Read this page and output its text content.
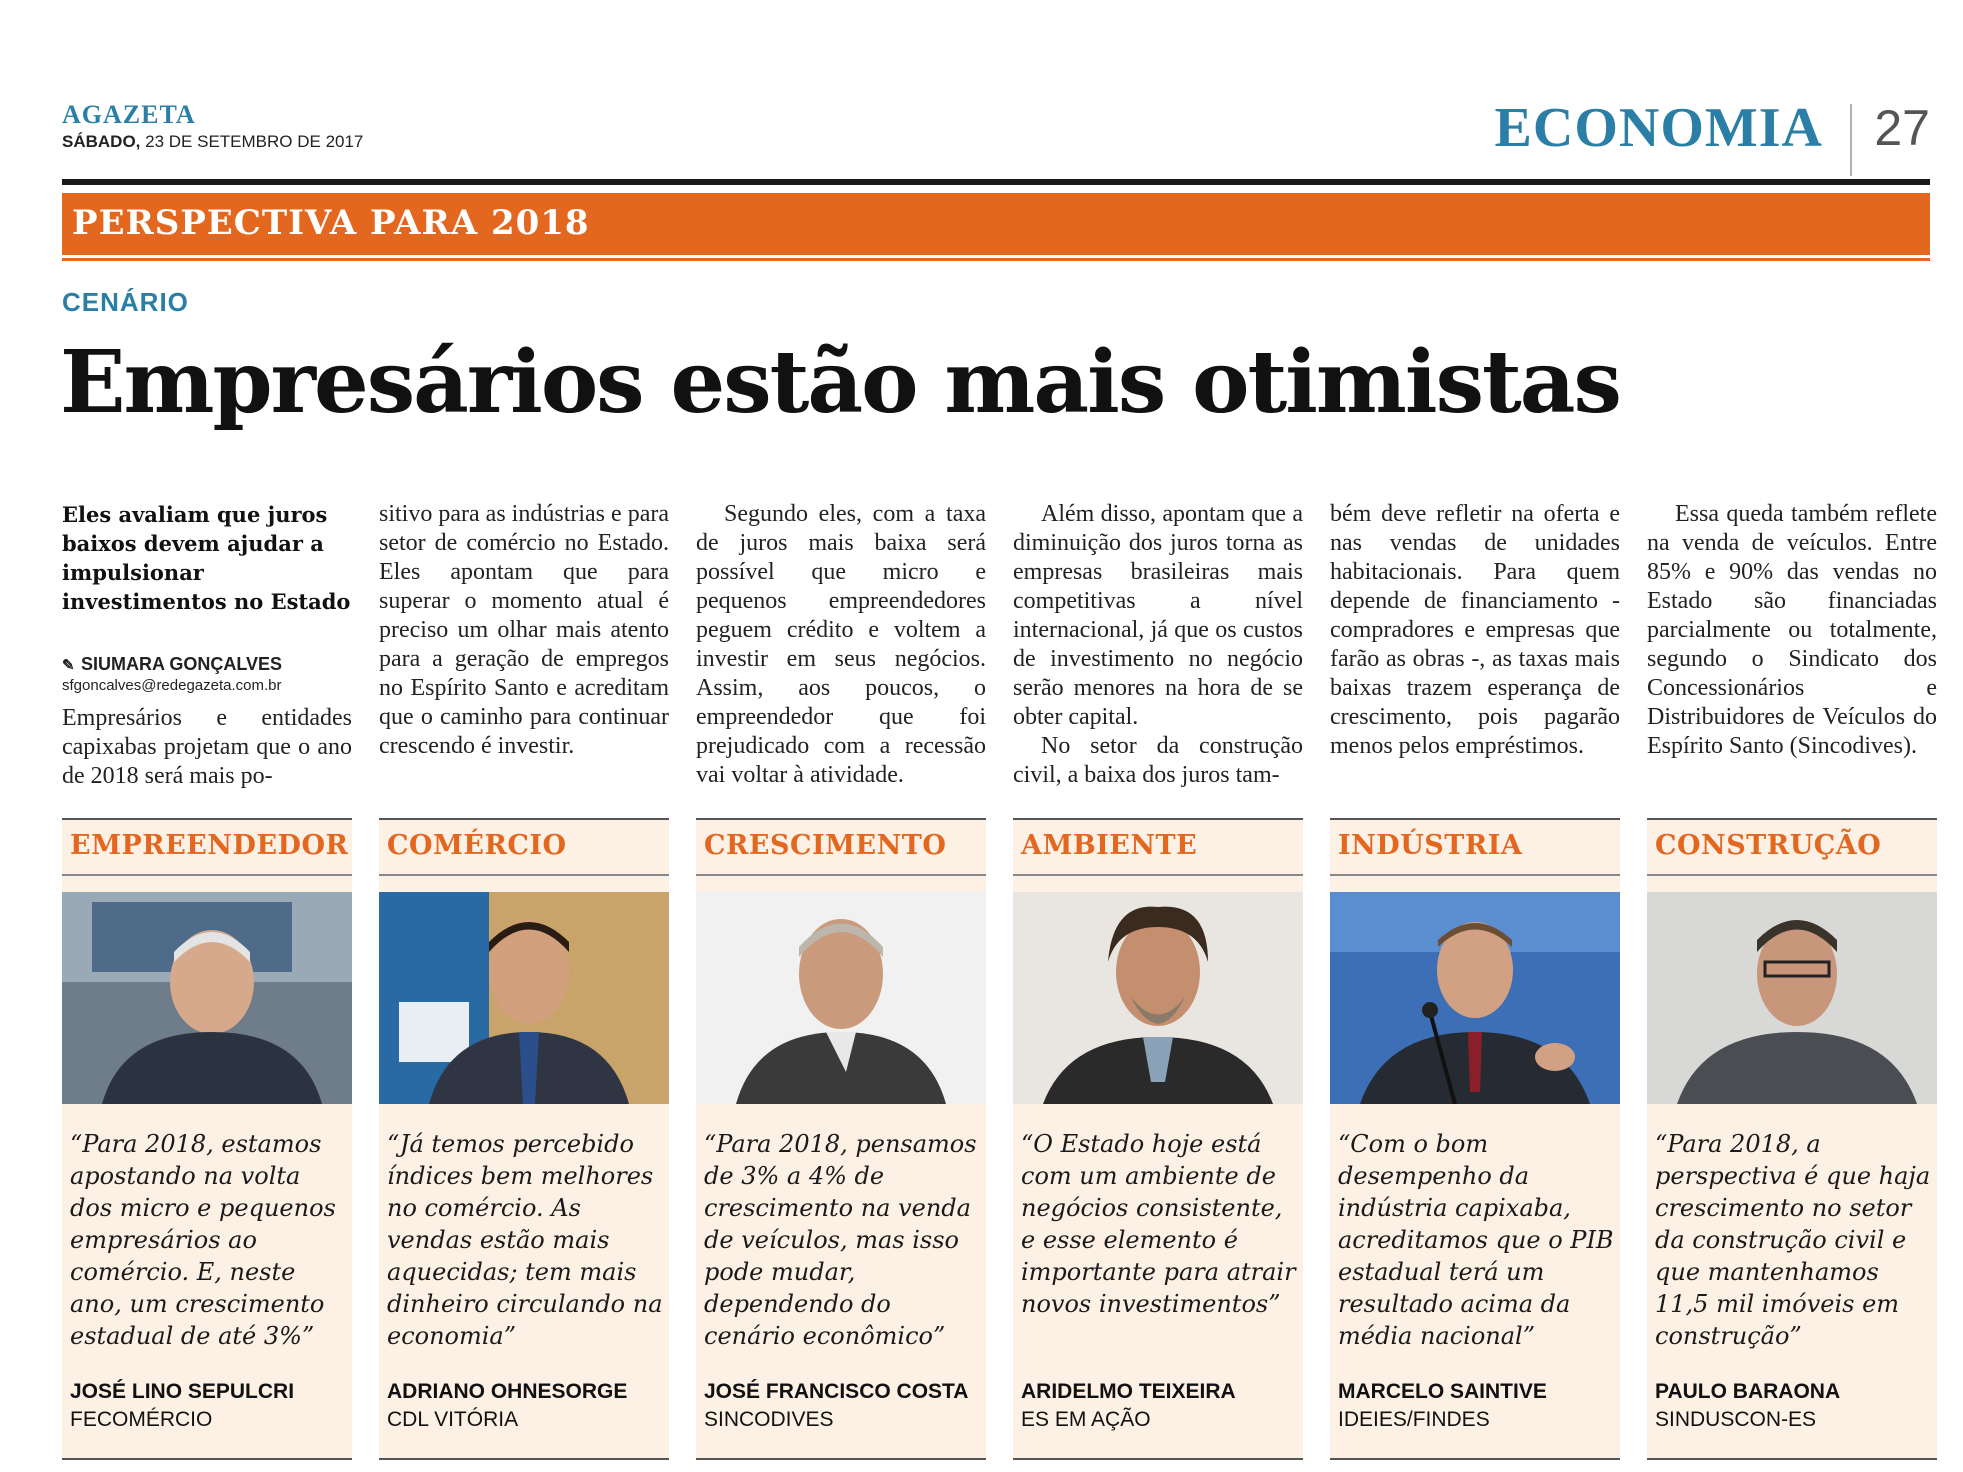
AGAZETA
SÁBADO, 23 DE SETEMBRO DE 2017	ECONOMIA 27
PERSPECTIVA PARA 2018
CENÁRIO
Empresários estão mais otimistas
Eles avaliam que juros baixos devem ajudar a impulsionar investimentos no Estado
✎ SIUMARA GONÇALVES
sfgoncalves@redegazeta.com.br

Empresários e entidades capixabas projetam que o ano de 2018 será mais po-

sitivo para as indústrias e para setor de comércio no Estado. Eles apontam que para superar o momento atual é preciso um olhar mais atento para a geração de empregos no Espírito Santo e acreditam que o caminho para continuar crescendo é investir.

Segundo eles, com a taxa de juros mais baixa será possível que micro e pequenos empreendedores peguem crédito e voltem a investir em seus negócios. Assim, aos poucos, o empreendedor que foi prejudicado com a recessão vai voltar à atividade.

Além disso, apontam que a diminuição dos juros torna as empresas brasileiras mais competitivas a nível internacional, já que os custos de investimento no negócio serão menores na hora de se obter capital.

No setor da construção civil, a baixa dos juros tam-

bém deve refletir na oferta e nas vendas de unidades habitacionais. Para quem depende de financiamento - compradores e empresas que farão as obras -, as taxas mais baixas trazem esperança de crescimento, pois pagarão menos pelos empréstimos.

Essa queda também reflete na venda de veículos. Entre 85% e 90% das vendas no Estado são financiadas parcialmente ou totalmente, segundo o Sindicato dos Concessionários e Distribuidores de Veículos do Espírito Santo (Sincodives).

EMPREENDEDOR
“Para 2018, estamos apostando na volta dos micro e pequenos empresários ao comércio. E, neste ano, um crescimento estadual de até 3%”
JOSÉ LINO SEPULCRI
FECOMÉRCIO
COMÉRCIO
“Já temos percebido índices bem melhores no comércio. As vendas estão mais aquecidas; tem mais dinheiro circulando na economia”
ADRIANO OHNESORGE
CDL VITÓRIA
CRESCIMENTO
“Para 2018, pensamos de 3% a 4% de crescimento na venda de veículos, mas isso pode mudar, dependendo do cenário econômico”
JOSÉ FRANCISCO COSTA SINCODIVES
AMBIENTE
“O Estado hoje está com um ambiente de negócios consistente, e esse elemento é importante para atrair novos investimentos”
ARIDELMO TEIXEIRA
ES EM AÇÃO
INDÚSTRIA
“Com o bom desempenho da indústria capixaba, acreditamos que o PIB estadual terá um resultado acima da média nacional”
MARCELO SAINTIVE
IDEIES/FINDES
CONSTRUÇÃO
“Para 2018, a perspectiva é que haja crescimento no setor da construção civil e que mantenhamos 11,5 mil imóveis em construção”
PAULO BARAONA
SINDUSCON-ES
